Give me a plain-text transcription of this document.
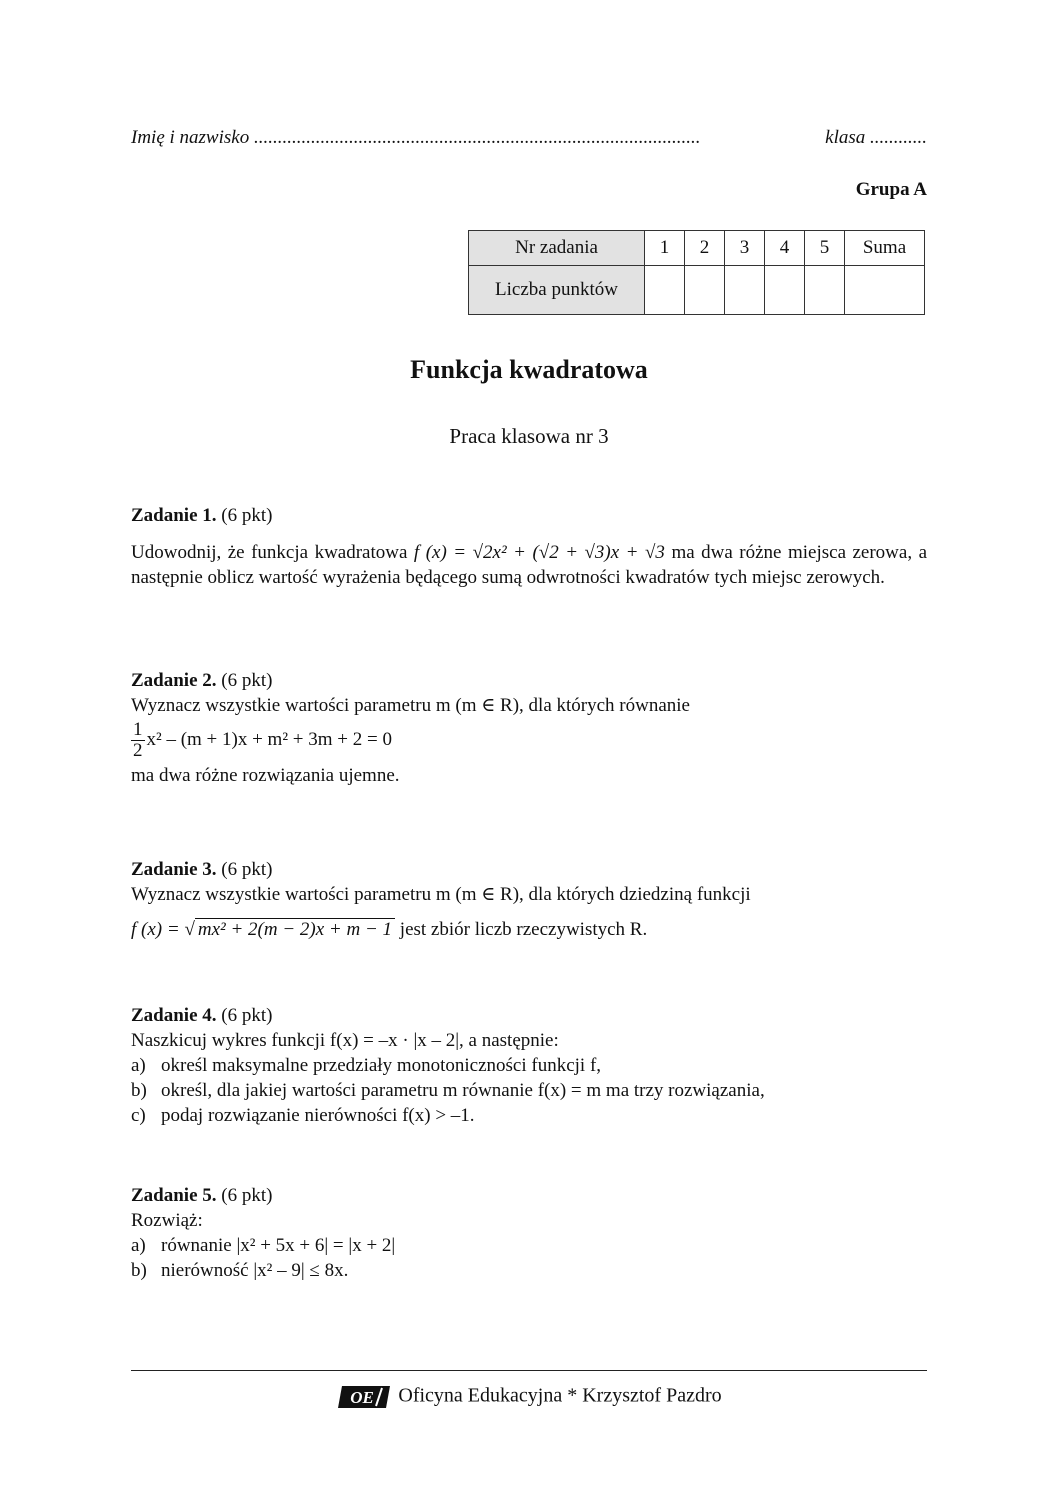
Imię i nazwisko ..............................................................................................	klasa ............
Grupa A
Nr zadania	1	2	3	4	5	Suma
Liczba punktów						
Funkcja kwadratowa
Praca klasowa nr 3
Zadanie 1. (6 pkt)
Udowodnij, że funkcja kwadratowa f (x) = √2x² + (√2 + √3)x + √3 ma dwa różne miejsca zerowa, a następnie oblicz wartość wyrażenia będącego sumą odwrotności kwadratów tych miejsc zerowych.
Zadanie 2. (6 pkt)
Wyznacz wszystkie wartości parametru m (m ∈ R), dla których równanie
$\frac{1}{2} x^2 - (m + 1)x + m^2 + 3m + 2 = 0$
ma dwa różne rozwiązania ujemne.
Zadanie 3. (6 pkt)
Wyznacz wszystkie wartości parametru m (m ∈ R), dla których dziedziną funkcji
f (x) = √ mx² + 2(m − 2)x + m − 1 jest zbiór liczb rzeczywistych R.
Zadanie 4. (6 pkt)
Naszkicuj wykres funkcji f(x) = –x · |x – 2|, a następnie:
a) określ maksymalne przedziały monotoniczności funkcji f,
b) określ, dla jakiej wartości parametru m równanie f(x) = m ma trzy rozwiązania,
c) podaj rozwiązanie nierówności f(x) > –1.
Zadanie 5. (6 pkt)
Rozwiąż:
a) równanie |x² + 5x + 6| = |x + 2|
b) nierówność |x² – 9| ≤ 8x.
OE Oficyna Edukacyjna * Krzysztof Pazdro
